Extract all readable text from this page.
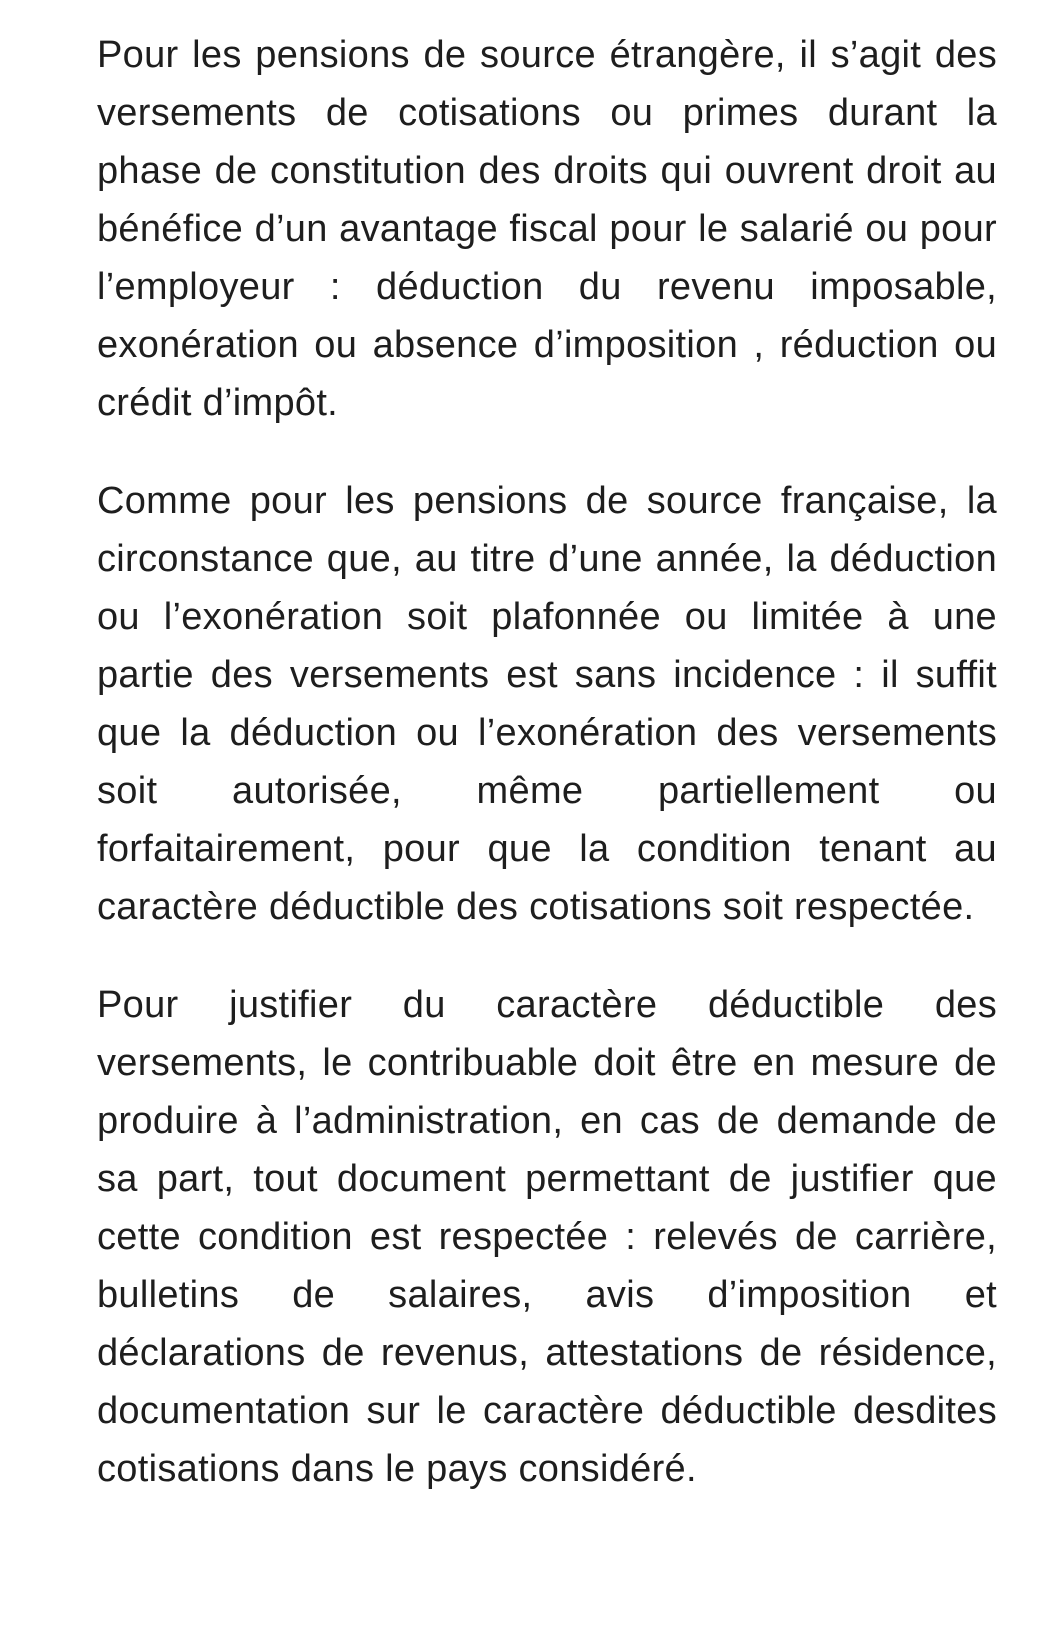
Pour les pensions de source étrangère, il s’agit des versements de cotisations ou primes durant la phase de constitution des droits qui ouvrent droit au bénéfice d’un avantage fiscal pour le salarié ou pour l’employeur : déduction du revenu imposable, exonération ou absence d’imposition , réduction ou crédit d’impôt.

Comme pour les pensions de source française, la circonstance que, au titre d’une année, la déduction ou l’exonération soit plafonnée ou limitée à une partie des versements est sans incidence : il suffit que la déduction ou l’exonération des versements soit autorisée, même partiellement ou forfaitairement, pour que la condition tenant au caractère déductible des cotisations soit respectée.

Pour justifier du caractère déductible des versements, le contribuable doit être en mesure de produire à l’administration, en cas de demande de sa part, tout document permettant de justifier que cette condition est respectée : relevés de carrière, bulletins de salaires, avis d’imposition et déclarations de revenus, attestations de résidence, documentation sur le caractère déductible desdites cotisations dans le pays considéré.
